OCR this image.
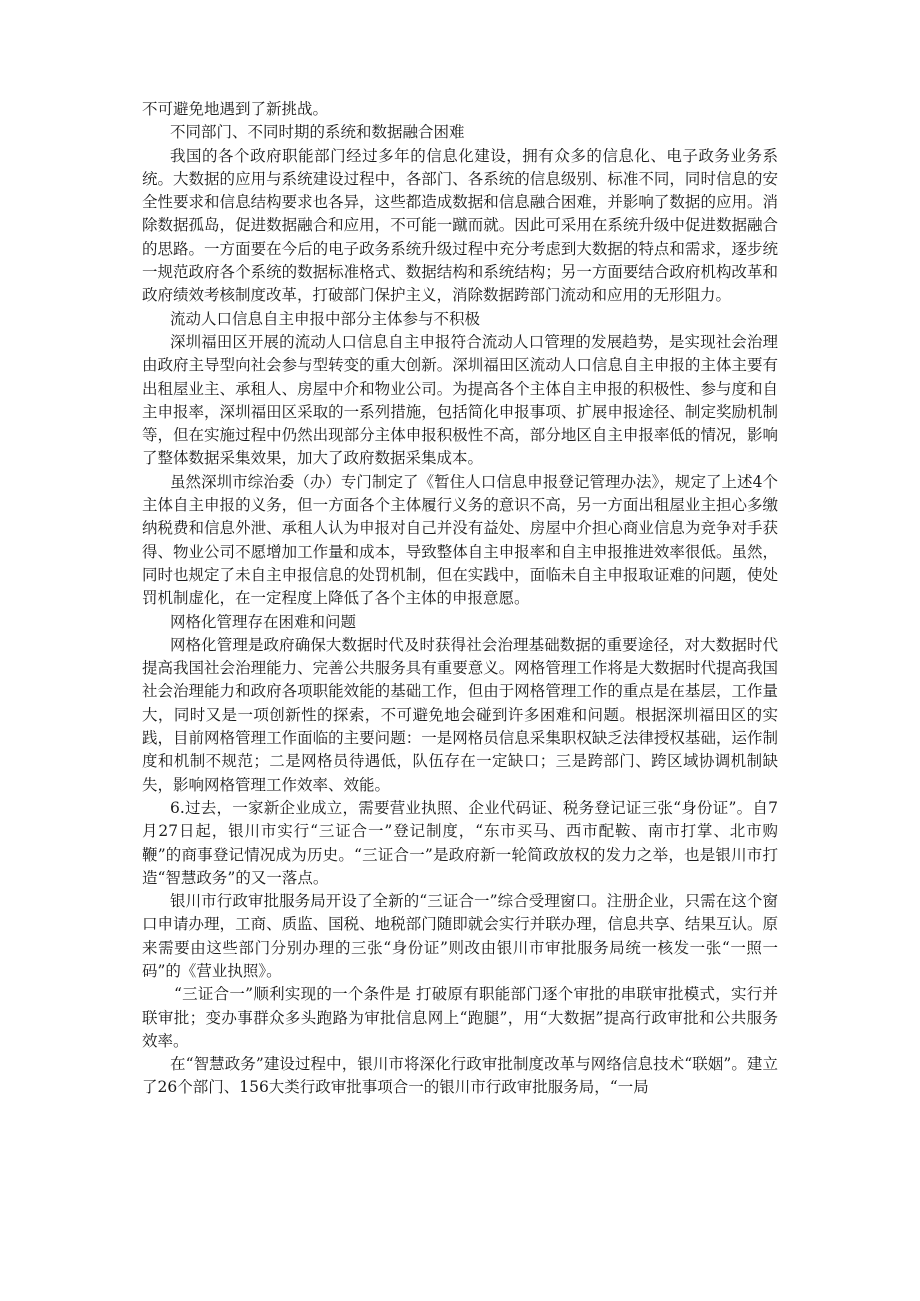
不可避免地遇到了新挑战。

不同部门、不同时期的系统和数据融合困难

我国的各个政府职能部门经过多年的信息化建设，拥有众多的信息化、电子政务业务系统。大数据的应用与系统建设过程中，各部门、各系统的信息级别、标准不同，同时信息的安全性要求和信息结构要求也各异，这些都造成数据和信息融合困难，并影响了数据的应用。消除数据孤岛，促进数据融合和应用，不可能一蹴而就。因此可采用在系统升级中促进数据融合的思路。一方面要在今后的电子政务系统升级过程中充分考虑到大数据的特点和需求，逐步统一规范政府各个系统的数据标准格式、数据结构和系统结构；另一方面要结合政府机构改革和政府绩效考核制度改革，打破部门保护主义，消除数据跨部门流动和应用的无形阻力。

流动人口信息自主申报中部分主体参与不积极

深圳福田区开展的流动人口信息自主申报符合流动人口管理的发展趋势，是实现社会治理由政府主导型向社会参与型转变的重大创新。深圳福田区流动人口信息自主申报的主体主要有出租屋业主、承租人、房屋中介和物业公司。为提高各个主体自主申报的积极性、参与度和自主申报率，深圳福田区采取的一系列措施，包括简化申报事项、扩展申报途径、制定奖励机制等，但在实施过程中仍然出现部分主体申报积极性不高，部分地区自主申报率低的情况，影响了整体数据采集效果，加大了政府数据采集成本。

虽然深圳市综治委（办）专门制定了《暂住人口信息申报登记管理办法》，规定了上述4个主体自主申报的义务，但一方面各个主体履行义务的意识不高，另一方面出租屋业主担心多缴纳税费和信息外泄、承租人认为申报对自己并没有益处、房屋中介担心商业信息为竞争对手获得、物业公司不愿增加工作量和成本，导致整体自主申报率和自主申报推进效率很低。虽然，同时也规定了未自主申报信息的处罚机制，但在实践中，面临未自主申报取证难的问题，使处罚机制虚化，在一定程度上降低了各个主体的申报意愿。

网格化管理存在困难和问题

网格化管理是政府确保大数据时代及时获得社会治理基础数据的重要途径，对大数据时代提高我国社会治理能力、完善公共服务具有重要意义。网格管理工作将是大数据时代提高我国社会治理能力和政府各项职能效能的基础工作，但由于网格管理工作的重点是在基层，工作量大，同时又是一项创新性的探索，不可避免地会碰到许多困难和问题。根据深圳福田区的实践，目前网格管理工作面临的主要问题：一是网格员信息采集职权缺乏法律授权基础，运作制度和机制不规范；二是网格员待遇低，队伍存在一定缺口；三是跨部门、跨区域协调机制缺失，影响网格管理工作效率、效能。

6.过去，一家新企业成立，需要营业执照、企业代码证、税务登记证三张“身份证”。自7月27日起，银川市实行“三证合一”登记制度，“东市买马、西市配鞍、南市打掌、北市购鞭”的商事登记情况成为历史。“三证合一”是政府新一轮简政放权的发力之举，也是银川市打造“智慧政务”的又一落点。

银川市行政审批服务局开设了全新的“三证合一”综合受理窗口。注册企业，只需在这个窗口申请办理，工商、质监、国税、地税部门随即就会实行并联办理，信息共享、结果互认。原来需要由这些部门分别办理的三张“身份证”则改由银川市审批服务局统一核发一张“一照一码”的《营业执照》。

“三证合一”顺利实现的一个条件是 打破原有职能部门逐个审批的串联审批模式，实行并联审批；变办事群众多头跑路为审批信息网上“跑腿”，用“大数据”提高行政审批和公共服务效率。

在“智慧政务”建设过程中，银川市将深化行政审批制度改革与网络信息技术“联姻”。建立了26个部门、156大类行政审批事项合一的银川市行政审批服务局，“一局
